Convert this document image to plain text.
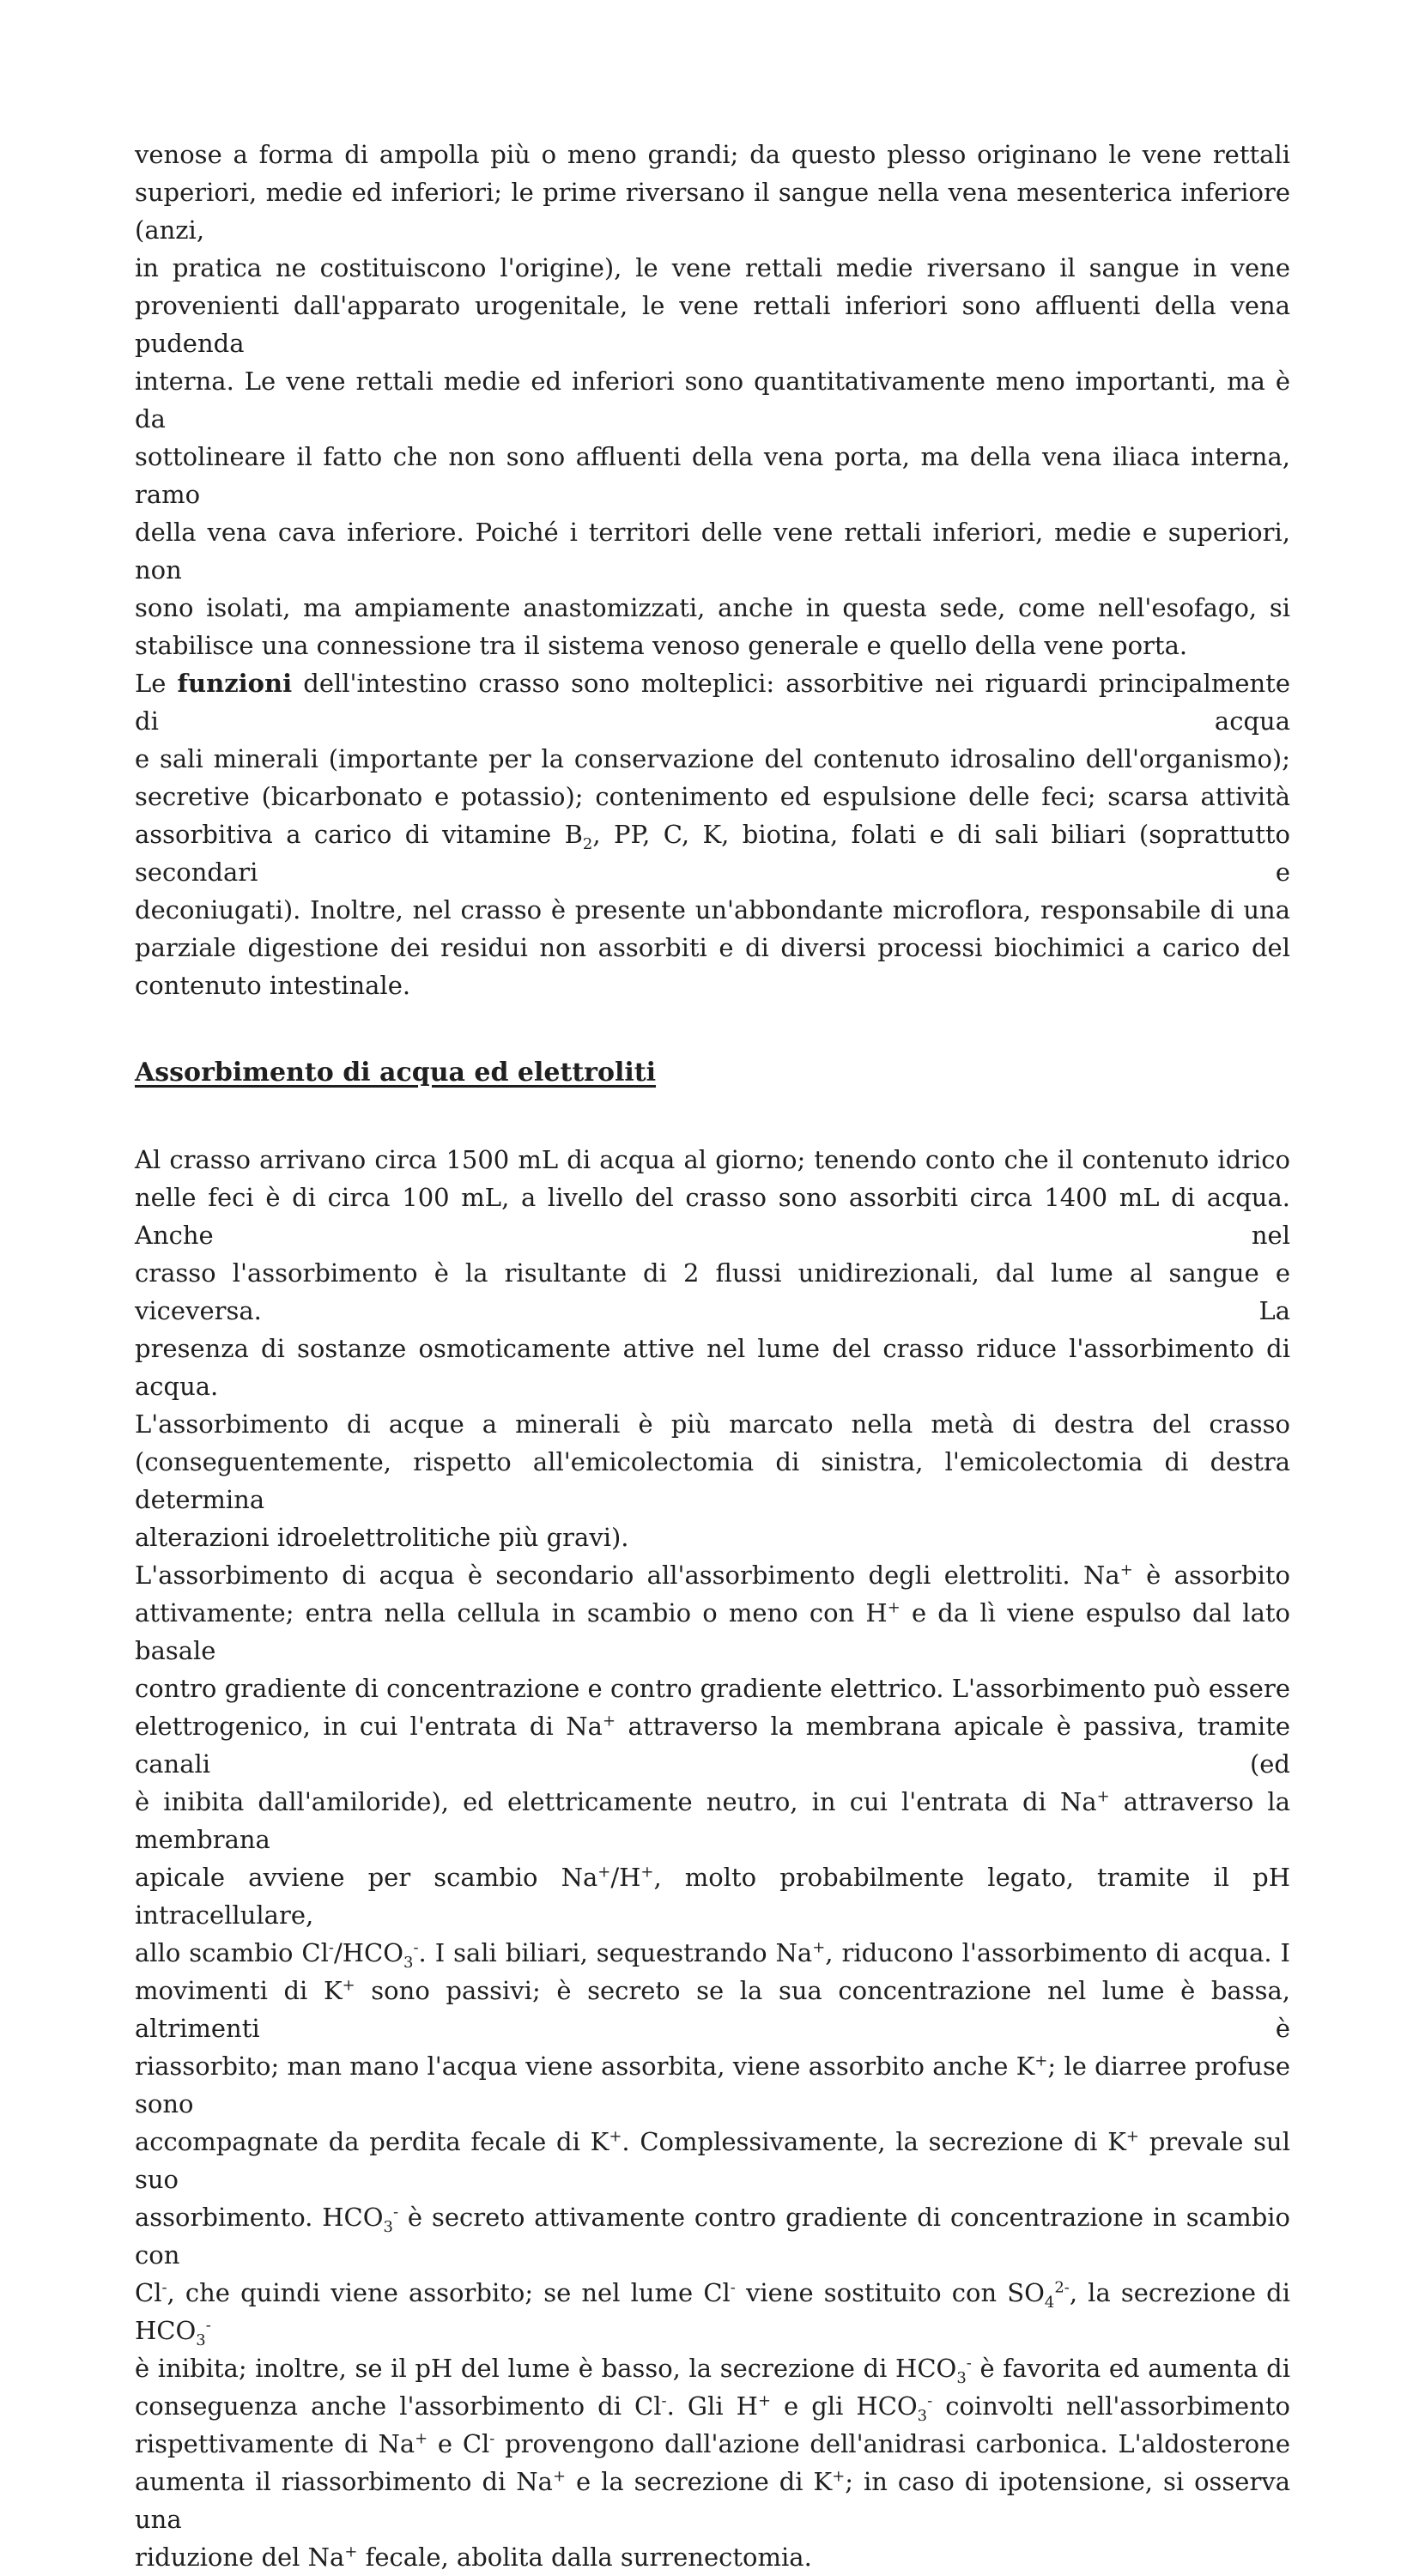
venose a forma di ampolla più o meno grandi; da questo plesso originano le vene rettali
superiori, medie ed inferiori; le prime riversano il sangue nella vena mesenterica inferiore (anzi,
in pratica ne costituiscono l'origine), le vene rettali medie riversano il sangue in vene
provenienti dall'apparato urogenitale, le vene rettali inferiori sono affluenti della vena pudenda
interna. Le vene rettali medie ed inferiori sono quantitativamente meno importanti, ma è da
sottolineare il fatto che non sono affluenti della vena porta, ma della vena iliaca interna, ramo
della vena cava inferiore. Poiché i territori delle vene rettali inferiori, medie e superiori, non
sono isolati, ma ampiamente anastomizzati, anche in questa sede, come nell'esofago, si
stabilisce una connessione tra il sistema venoso generale e quello della vene porta.

Le funzioni dell'intestino crasso sono molteplici: assorbitive nei riguardi principalmente di acqua
e sali minerali (importante per la conservazione del contenuto idrosalino dell'organismo);
secretive (bicarbonato e potassio); contenimento ed espulsione delle feci; scarsa attività
assorbitiva a carico di vitamine $B_2$, PP, C, K, biotina, folati e di sali biliari (soprattutto secondari e
deconiugati). Inoltre, nel crasso è presente un'abbondante microflora, responsabile di una
parziale digestione dei residui non assorbiti e di diversi processi biochimici a carico del
contenuto intestinale.

Assorbimento di acqua ed elettroliti

Al crasso arrivano circa 1500 mL di acqua al giorno; tenendo conto che il contenuto idrico
nelle feci è di circa 100 mL, a livello del crasso sono assorbiti circa 1400 mL di acqua. Anche nel
crasso l'assorbimento è la risultante di 2 flussi unidirezionali, dal lume al sangue e viceversa. La
presenza di sostanze osmoticamente attive nel lume del crasso riduce l'assorbimento di acqua.
L'assorbimento di acque a minerali è più marcato nella metà di destra del crasso
(conseguentemente, rispetto all'emicolectomia di sinistra, l'emicolectomia di destra determina
alterazioni idroelettrolitiche più gravi).

L'assorbimento di acqua è secondario all'assorbimento degli elettroliti. Na+ è assorbito
attivamente; entra nella cellula in scambio o meno con H+ e da lì viene espulso dal lato basale
contro gradiente di concentrazione e contro gradiente elettrico. L'assorbimento può essere
elettrogenico, in cui l'entrata di Na+ attraverso la membrana apicale è passiva, tramite canali (ed
è inibita dall'amiloride), ed elettricamente neutro, in cui l'entrata di Na+ attraverso la membrana
apicale avviene per scambio Na+/H+, molto probabilmente legato, tramite il pH intracellulare,
allo scambio $Cl^-/HCO_3^-$. I sali biliari, sequestrando Na+, riducono l'assorbimento di acqua. I
movimenti di K+ sono passivi; è secreto se la sua concentrazione nel lume è bassa, altrimenti è
riassorbito; man mano l'acqua viene assorbita, viene assorbito anche K+; le diarree profuse sono
accompagnate da perdita fecale di K+. Complessivamente, la secrezione di K+ prevale sul suo
assorbimento. $HCO_3^-$ è secreto attivamente contro gradiente di concentrazione in scambio con
Cl-, che quindi viene assorbito; se nel lume Cl- viene sostituito con $SO_4^{2-}$, la secrezione di $HCO_3^-$
è inibita; inoltre, se il pH del lume è basso, la secrezione di $HCO_3^-$ è favorita ed aumenta di
conseguenza anche l'assorbimento di Cl-. Gli H+ e gli $HCO_3^-$ coinvolti nell'assorbimento
rispettivamente di Na+ e Cl- provengono dall'azione dell'anidrasi carbonica. L'aldosterone
aumenta il riassorbimento di Na+ e la secrezione di K+; in caso di ipotensione, si osserva una
riduzione del Na+ fecale, abolita dalla surrenectomia.
